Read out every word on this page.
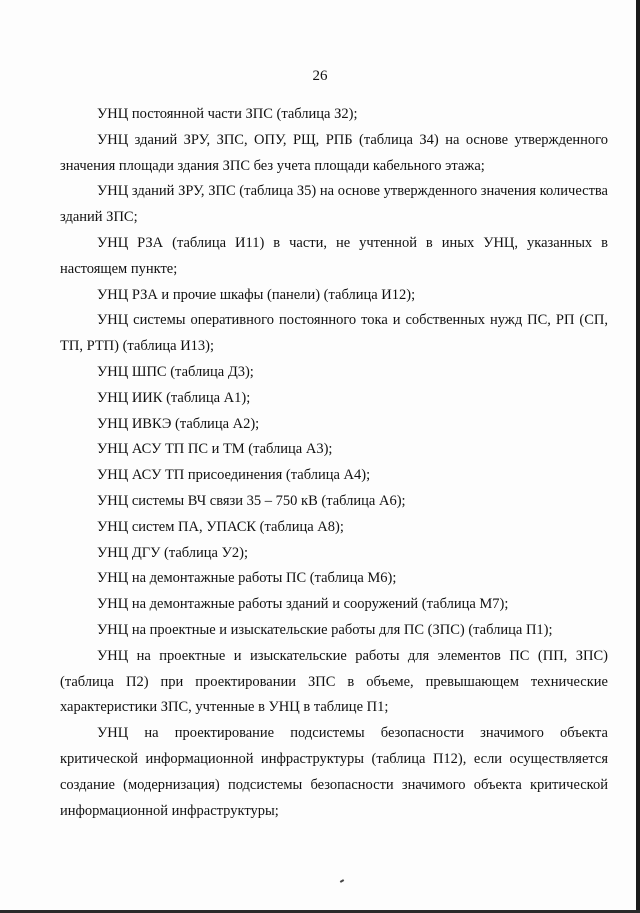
26

УНЦ постоянной части ЗПС (таблица З2);

УНЦ зданий ЗРУ, ЗПС, ОПУ, РЩ, РПБ (таблица З4) на основе утвержденного значения площади здания ЗПС без учета площади кабельного этажа;

УНЦ зданий ЗРУ, ЗПС (таблица З5) на основе утвержденного значения количества зданий ЗПС;

УНЦ РЗА (таблица И11) в части, не учтенной в иных УНЦ, указанных в настоящем пункте;

УНЦ РЗА и прочие шкафы (панели) (таблица И12);

УНЦ системы оперативного постоянного тока и собственных нужд ПС, РП (СП, ТП, РТП) (таблица И13);

УНЦ ШПС (таблица Д3);

УНЦ ИИК (таблица А1);

УНЦ ИВКЭ (таблица А2);

УНЦ АСУ ТП ПС и ТМ (таблица А3);

УНЦ АСУ ТП присоединения (таблица А4);

УНЦ системы ВЧ связи 35 – 750 кВ (таблица А6);

УНЦ систем ПА, УПАСК (таблица А8);

УНЦ ДГУ (таблица У2);

УНЦ на демонтажные работы ПС (таблица М6);

УНЦ на демонтажные работы зданий и сооружений (таблица М7);

УНЦ на проектные и изыскательские работы для ПС (ЗПС) (таблица П1);

УНЦ на проектные и изыскательские работы для элементов ПС (ПП, ЗПС) (таблица П2) при проектировании ЗПС в объеме, превышающем технические характеристики ЗПС, учтенные в УНЦ в таблице П1;

УНЦ на проектирование подсистемы безопасности значимого объекта критической информационной инфраструктуры (таблица П12), если осуществляется создание (модернизация) подсистемы безопасности значимого объекта критической информационной инфраструктуры;
